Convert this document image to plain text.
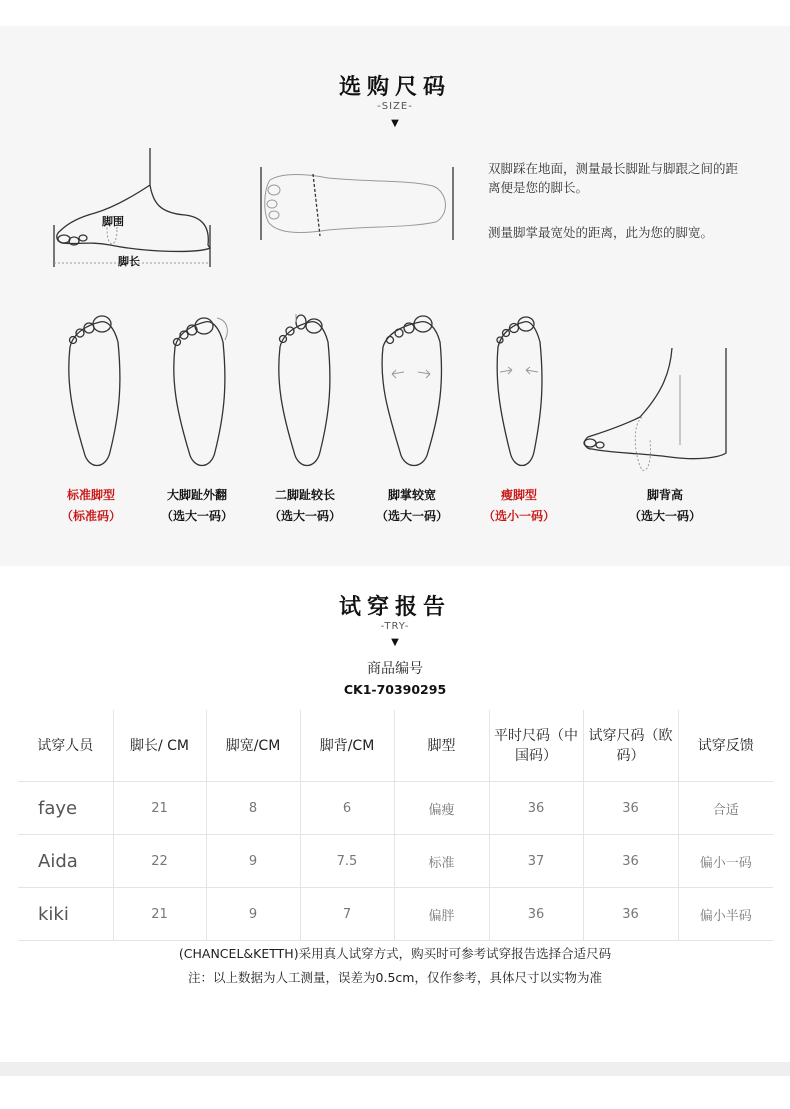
选购尺码
-SIZE-
▼
脚围
脚长
双脚踩在地面，测量最长脚趾与脚跟之间的距离便是您的脚长。
测量脚掌最宽处的距离，此为您的脚宽。
标准脚型
（标准码）
大脚趾外翻
（选大一码）
二脚趾较长
（选大一码）
脚掌较宽
（选大一码）
瘦脚型
（选小一码）
脚背高
（选大一码）
试穿报告
-TRY-
▼
商品编号
CK1-70390295
试穿人员	脚长/ CM	脚宽/CM	脚背/CM	脚型	平时尺码（中国码）	试穿尺码（欧码）	试穿反馈
faye	21	8	6	偏瘦	36	36	合适
Aida	22	9	7.5	标准	37	36	偏小一码
kiki	21	9	7	偏胖	36	36	偏小半码
(CHANCEL&KETTH)采用真人试穿方式，购买时可参考试穿报告选择合适尺码
注：以上数据为人工测量，误差为0.5cm，仅作参考，具体尺寸以实物为准
